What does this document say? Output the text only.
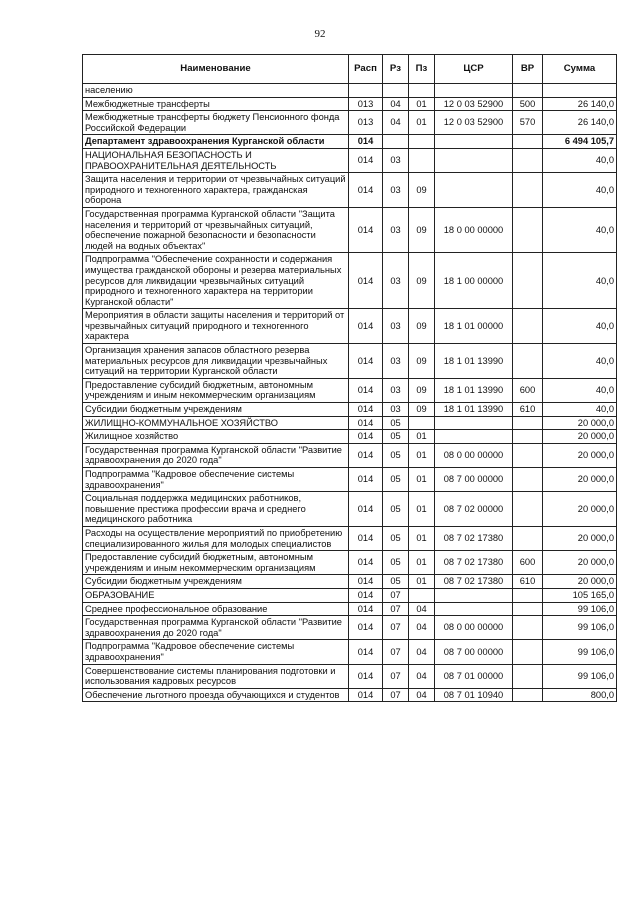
92
Наименование	Расп	Рз	Пз	ЦСР	ВР	Сумма
населению						
Межбюджетные трансферты	013	04	01	12 0 03 52900	500	26 140,0
Межбюджетные трансферты бюджету Пенсионного фонда Российской Федерации	013	04	01	12 0 03 52900	570	26 140,0
Департамент здравоохранения Курганской области	014					6 494 105,7
НАЦИОНАЛЬНАЯ БЕЗОПАСНОСТЬ И ПРАВООХРАНИТЕЛЬНАЯ ДЕЯТЕЛЬНОСТЬ	014	03				40,0
Защита населения и территории от чрезвычайных ситуаций природного и техногенного характера, гражданская оборона	014	03	09			40,0
Государственная программа Курганской области "Защита населения и территорий от чрезвычайных ситуаций, обеспечение пожарной безопасности и безопасности людей на водных объектах"	014	03	09	18 0 00 00000		40,0
Подпрограмма "Обеспечение сохранности и содержания имущества гражданской обороны и резерва материальных ресурсов для ликвидации чрезвычайных ситуаций природного и техногенного характера на территории Курганской области"	014	03	09	18 1 00 00000		40,0
Мероприятия в области защиты населения и территорий от чрезвычайных ситуаций природного и техногенного характера	014	03	09	18 1 01 00000		40,0
Организация хранения запасов областного резерва материальных ресурсов для ликвидации чрезвычайных ситуаций на территории Курганской области	014	03	09	18 1 01 13990		40,0
Предоставление субсидий бюджетным, автономным учреждениям и иным некоммерческим организациям	014	03	09	18 1 01 13990	600	40,0
Субсидии бюджетным учреждениям	014	03	09	18 1 01 13990	610	40,0
ЖИЛИЩНО-КОММУНАЛЬНОЕ ХОЗЯЙСТВО	014	05				20 000,0
Жилищное хозяйство	014	05	01			20 000,0
Государственная программа Курганской области "Развитие здравоохранения до 2020 года"	014	05	01	08 0 00 00000		20 000,0
Подпрограмма "Кадровое обеспечение системы здравоохранения"	014	05	01	08 7 00 00000		20 000,0
Социальная поддержка медицинских работников, повышение престижа профессии врача и среднего медицинского работника	014	05	01	08 7 02 00000		20 000,0
Расходы на осуществление мероприятий по приобретению специализированного жилья для молодых специалистов	014	05	01	08 7 02 17380		20 000,0
Предоставление субсидий бюджетным, автономным учреждениям и иным некоммерческим организациям	014	05	01	08 7 02 17380	600	20 000,0
Субсидии бюджетным учреждениям	014	05	01	08 7 02 17380	610	20 000,0
ОБРАЗОВАНИЕ	014	07				105 165,0
Среднее профессиональное образование	014	07	04			99 106,0
Государственная программа Курганской области "Развитие здравоохранения до 2020 года"	014	07	04	08 0 00 00000		99 106,0
Подпрограмма "Кадровое обеспечение системы здравоохранения"	014	07	04	08 7 00 00000		99 106,0
Совершенствование системы планирования подготовки и использования кадровых ресурсов	014	07	04	08 7 01 00000		99 106,0
Обеспечение льготного проезда обучающихся и студентов	014	07	04	08 7 01 10940		800,0
